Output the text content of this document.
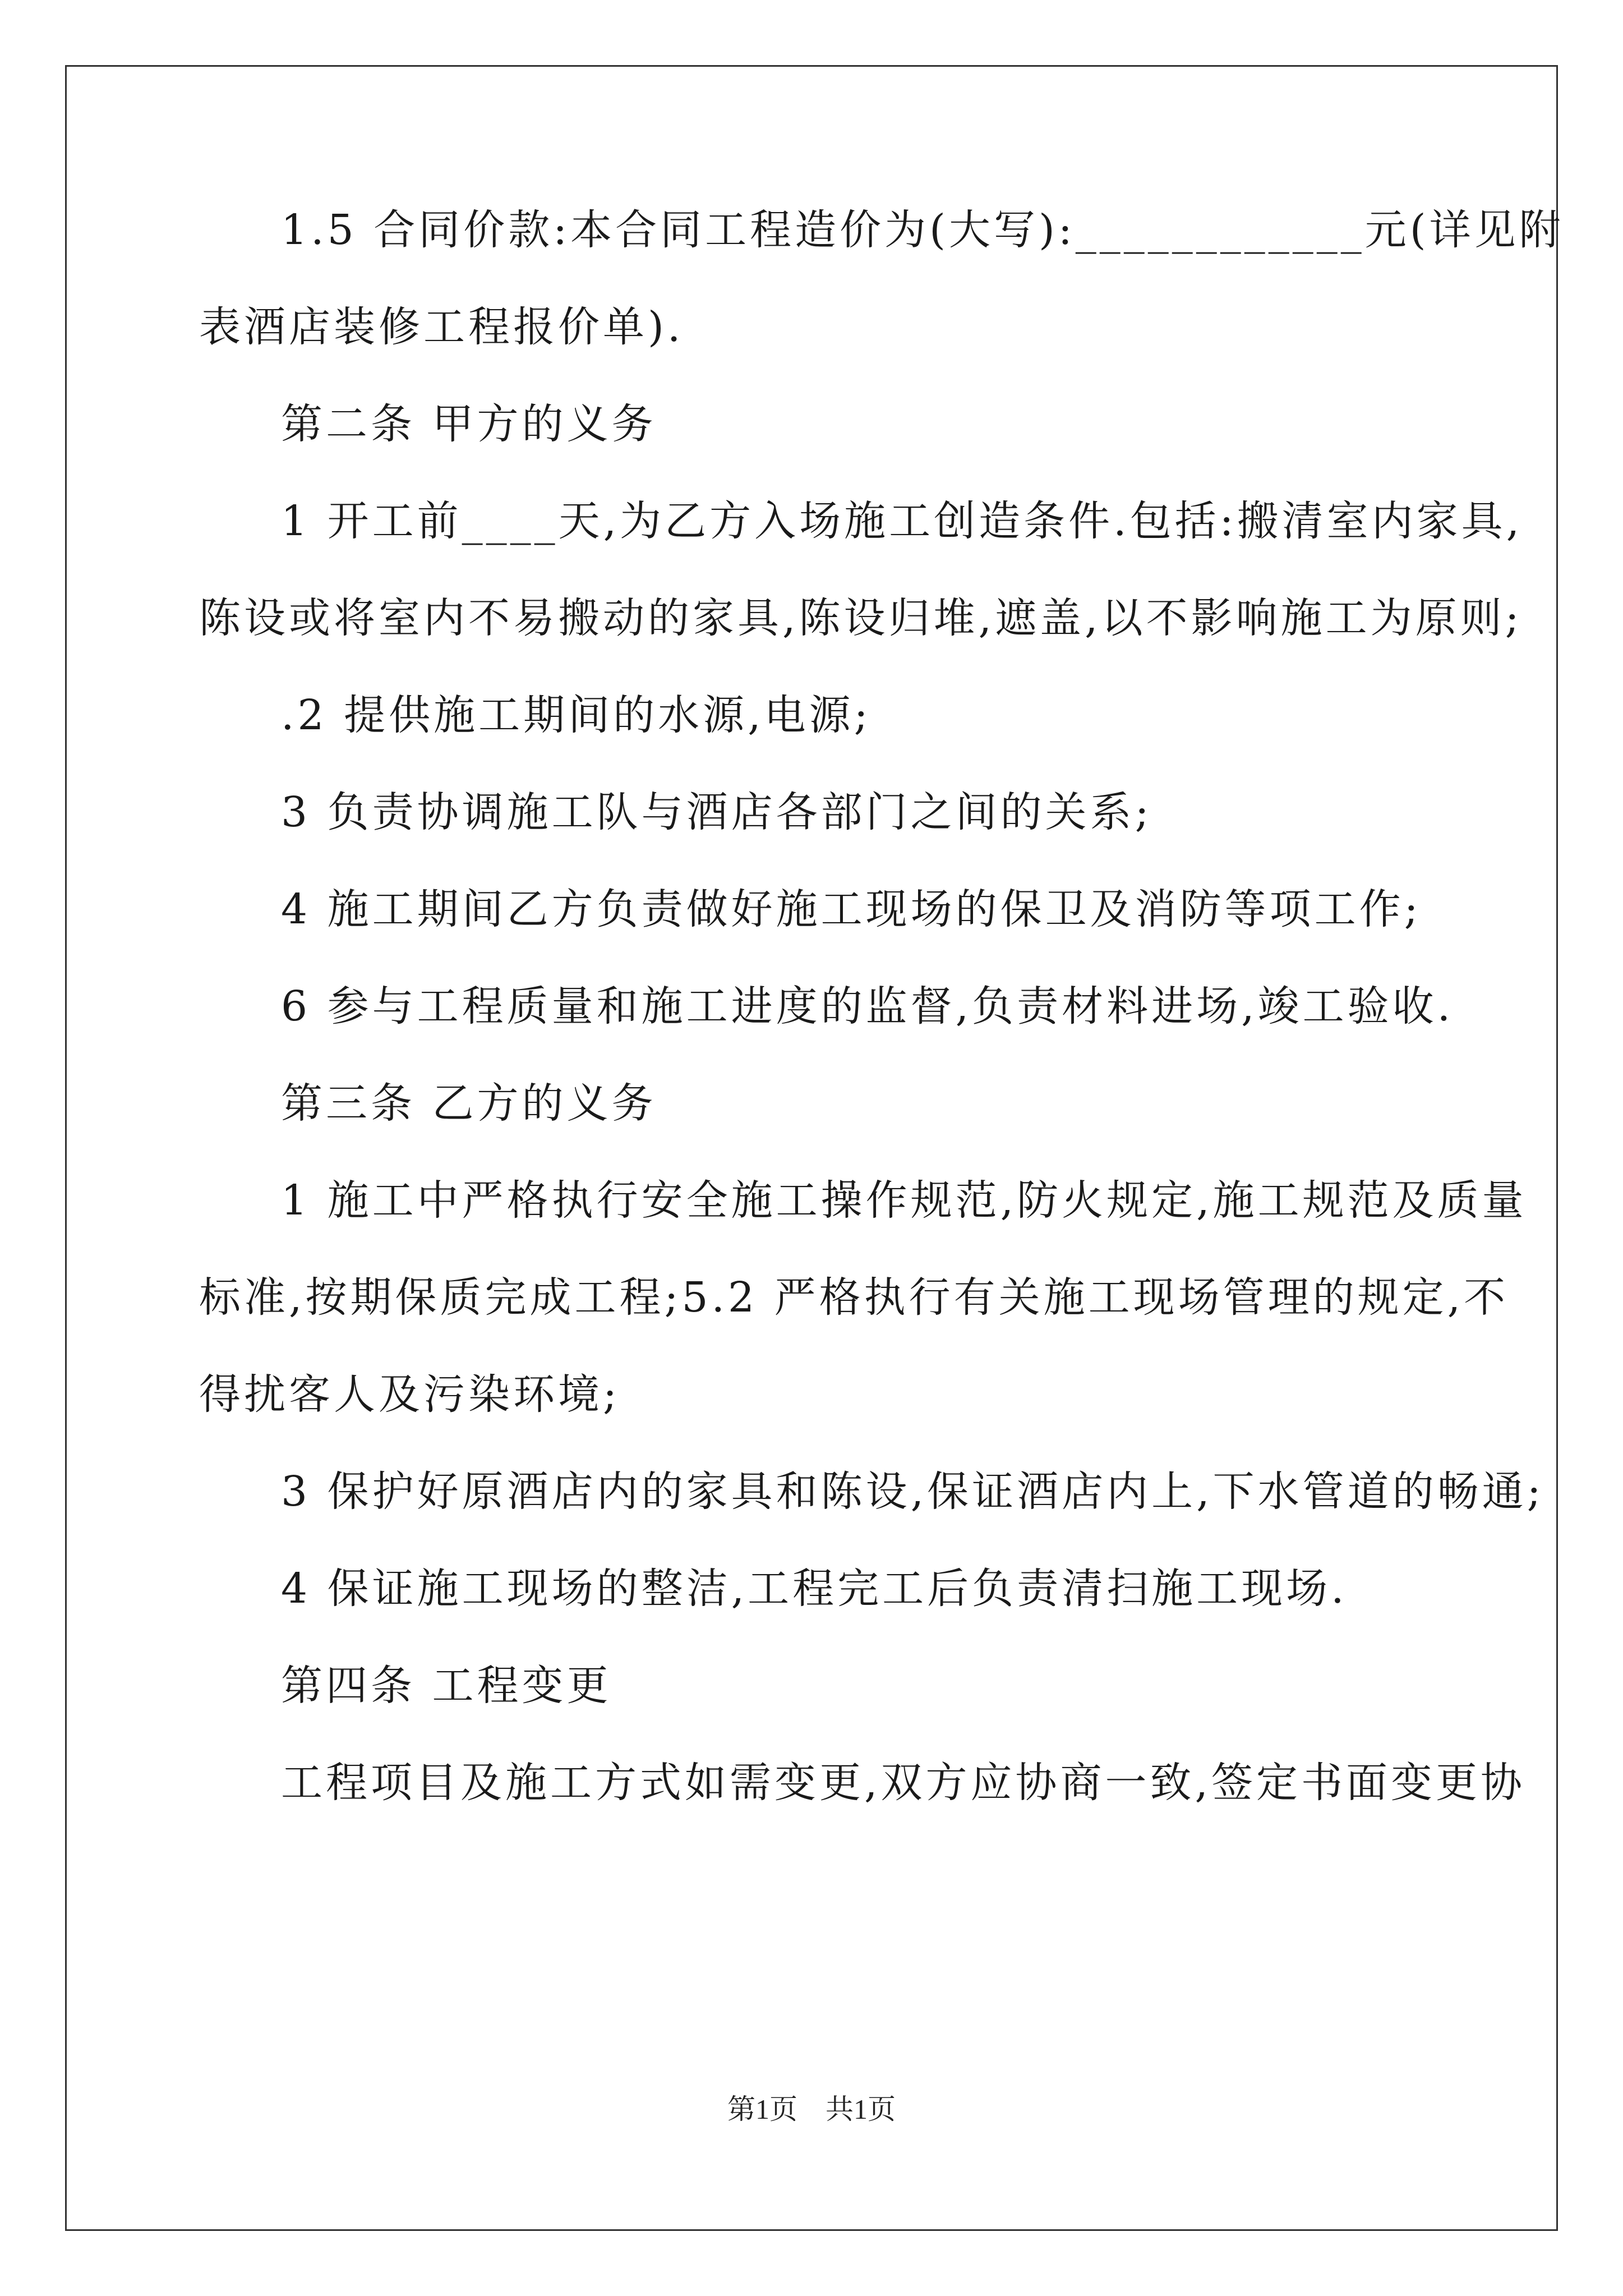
1.5 合同价款:本合同工程造价为(大写):____________元(详见附
表酒店装修工程报价单).
第二条 甲方的义务
1 开工前____天,为乙方入场施工创造条件.包括:搬清室内家具,
陈设或将室内不易搬动的家具,陈设归堆,遮盖,以不影响施工为原则;
.2 提供施工期间的水源,电源;
3 负责协调施工队与酒店各部门之间的关系;
4 施工期间乙方负责做好施工现场的保卫及消防等项工作;
6 参与工程质量和施工进度的监督,负责材料进场,竣工验收.
第三条 乙方的义务
1 施工中严格执行安全施工操作规范,防火规定,施工规范及质量
标准,按期保质完成工程;5.2 严格执行有关施工现场管理的规定,不
得扰客人及污染环境;
3 保护好原酒店内的家具和陈设,保证酒店内上,下水管道的畅通;
4 保证施工现场的整洁,工程完工后负责清扫施工现场.
第四条 工程变更
工程项目及施工方式如需变更,双方应协商一致,签定书面变更协
第1页　共1页
